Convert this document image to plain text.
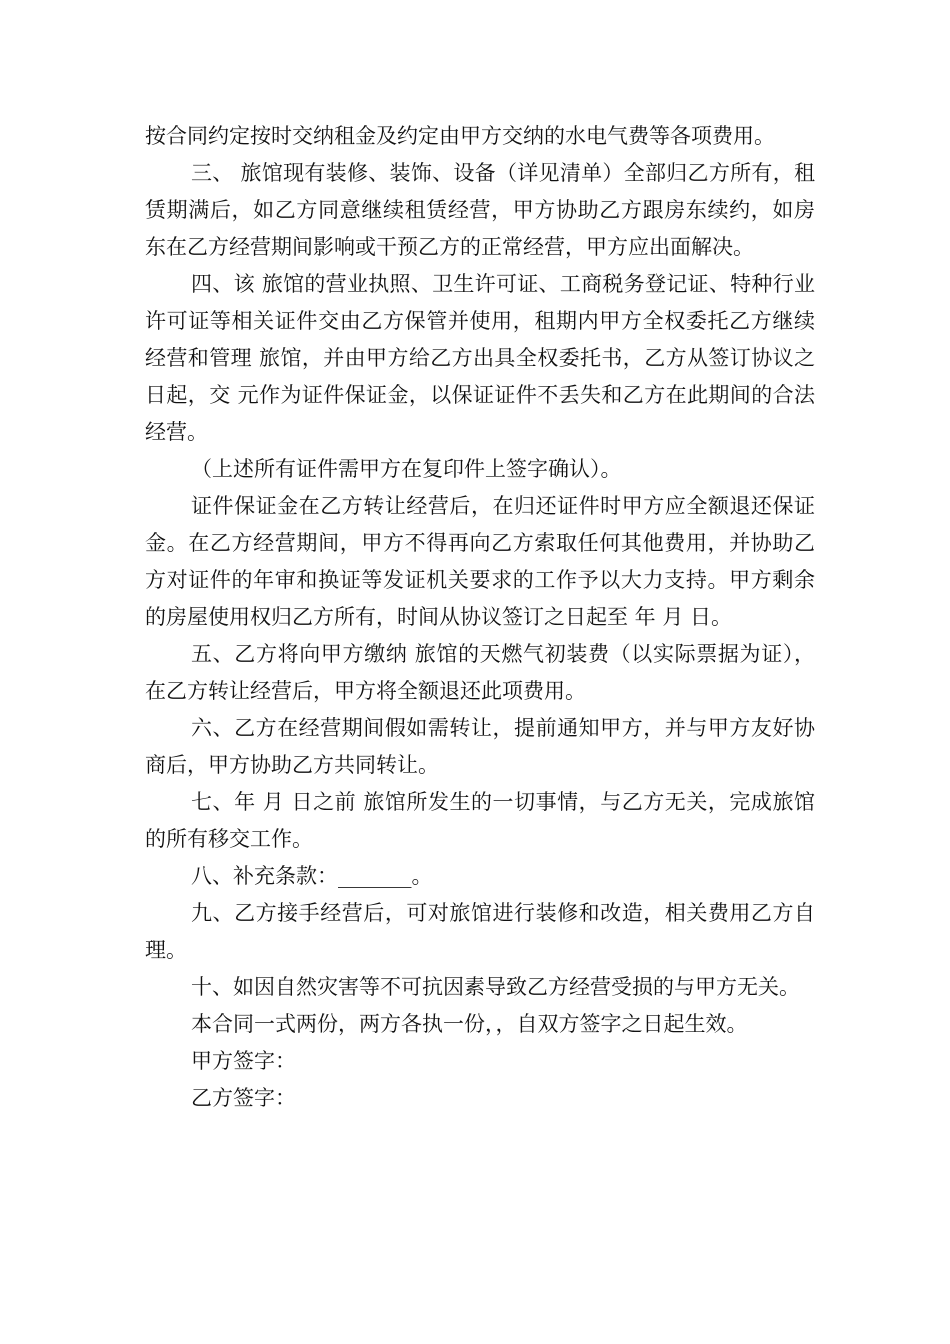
按合同约定按时交纳租金及约定由甲方交纳的水电气费等各项费用。

三、 旅馆现有装修、装饰、设备（详见清单）全部归乙方所有，租赁期满后，如乙方同意继续租赁经营，甲方协助乙方跟房东续约，如房东在乙方经营期间影响或干预乙方的正常经营，甲方应出面解决。

四、该 旅馆的营业执照、卫生许可证、工商税务登记证、特种行业许可证等相关证件交由乙方保管并使用，租期内甲方全权委托乙方继续经营和管理 旅馆，并由甲方给乙方出具全权委托书，乙方从签订协议之日起，交 元作为证件保证金，以保证证件不丢失和乙方在此期间的合法经营。

（上述所有证件需甲方在复印件上签字确认）。

证件保证金在乙方转让经营后，在归还证件时甲方应全额退还保证金。在乙方经营期间，甲方不得再向乙方索取任何其他费用，并协助乙方对证件的年审和换证等发证机关要求的工作予以大力支持。甲方剩余的房屋使用权归乙方所有，时间从协议签订之日起至 年 月 日。

五、乙方将向甲方缴纳 旅馆的天燃气初装费（以实际票据为证），在乙方转让经营后，甲方将全额退还此项费用。

六、乙方在经营期间假如需转让，提前通知甲方，并与甲方友好协商后，甲方协助乙方共同转让。

七、年 月 日之前 旅馆所发生的一切事情，与乙方无关，完成旅馆的所有移交工作。

八、补充条款：_______。

九、乙方接手经营后，可对旅馆进行装修和改造，相关费用乙方自理。

十、如因自然灾害等不可抗因素导致乙方经营受损的与甲方无关。

本合同一式两份，两方各执一份，，自双方签字之日起生效。

甲方签字：

乙方签字：
